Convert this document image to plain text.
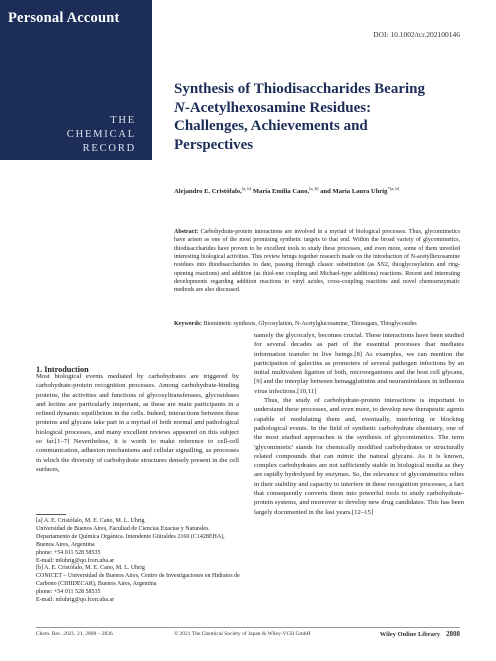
Personal Account
THE
CHEMICAL
RECORD
DOI: 10.1002/tcr.202100146
Synthesis of Thiodisaccharides Bearing
N-Acetylhexosamine Residues:
Challenges, Achievements and
Perspectives
Alejandro E. Cristófalo,[a, b] María Emilia Cano,[a, b] and María Laura Uhrig$^{*[a, b]}$
Abstract: Carbohydrate-protein interactions are involved in a myriad of biological processes. Thus, glycomimetics have arisen as one of the most promising synthetic targets to that end. Within the broad variety of glycomimetics, thiodisaccharides have proven to be excellent tools to study these processes, and even more, some of them unveiled interesting biological activities. This review brings together research made on the introduction of N-acetylhexosamine residues into thiodisaccharides to date, passing through classic substitution (as SN2, thioglycosylation and ring-opening reactions) and addition (as thiol-ene coupling and Michael-type additions) reactions. Recent and interesting developments regarding addition reactions to vinyl azides, cross-coupling reactions and novel chemoenzymatic methods are also discussed.
Keywords: Biomimetic synthesis, Glycosylation, N-Acetylglucosamine, Thiosugars, Thioglycosides
1. Introduction

Most biological events mediated by carbohydrates are triggered by carbohydrate-protein recognition processes. Among carbohydrate-binding proteins, the activities and functions of glycosyltransferases, glycosidases and lectins are particularly important, as these are main participants in a refined dynamic equilibrium in the cells. Indeed, interactions between these proteins and glycans take part in a myriad of both normal and pathological biological processes, and many excellent reviews appeared on this subject so far.[1–7] Nevertheless, it is worth to make reference to cell-cell communication, adhesion mechanisms and cellular signalling, as processes in which the diversity of carbohydrate structures densely present in the cell surfaces,

namely the glycocalyx, becomes crucial. These interactions have been studied for several decades as part of the essential processes that mediates information transfer in live beings.[8] As examples, we can mention the participation of galectins as promoters of several pathogen infections by an initial multivalent ligation of both, microorganisms and the host cell glycans,[9] and the interplay between hemagglutinins and neuraminidases in influenza virus infections.[10,11]

Thus, the study of carbohydrate-protein interactions is important to understand these processes, and even more, to develop new therapeutic agents capable of modulating them and, eventually, interfering or blocking pathological events. In the field of synthetic carbohydrate chemistry, one of the most studied approaches is the synthesis of glycomimetics. The term 'glycomimetic' stands for chemically modified carbohydrates or structurally related compounds that can mimic the natural glycans. As it is known, complex carbohydrates are not sufficiently stable in biological media as they are rapidly hydrolysed by enzymes. So, the relevance of glycomimetics relies in their stability and capacity to interfere in these recognition processes, a fact that consequently converts them into powerful tools to study carbohydrate-protein systems, and moreover to develop new drug candidates. This has been largely documented in the last years.[12–15]

[a] A. E. Cristófalo, M. E. Cano, M. L. Uhrig
Universidad de Buenos Aires, Facultad de Ciencias Exactas y Naturales. Departamento de Química Orgánica. Intendente Güiraldes 2160 (C1428EHA), Buenos Aires, Argentina
phone: +54 011 528 58535
E-mail: mluhrig@qo.fcen.uba.ar
[b] A. E. Cristófalo, M. E. Cano, M. L. Uhrig
CONICET – Universidad de Buenos Aires, Centro de Investigaciones en Hidratos de Carbono (CIHIDECAR), Buenos Aires, Argentina
phone: +54 011 528 58535
E-mail: mluhrig@qo.fcen.uba.ar
Chem. Rec. 2021, 21, 2808 – 2836	© 2021 The Chemical Society of Japan & Wiley-VCH GmbH	Wiley Online Library 2808
